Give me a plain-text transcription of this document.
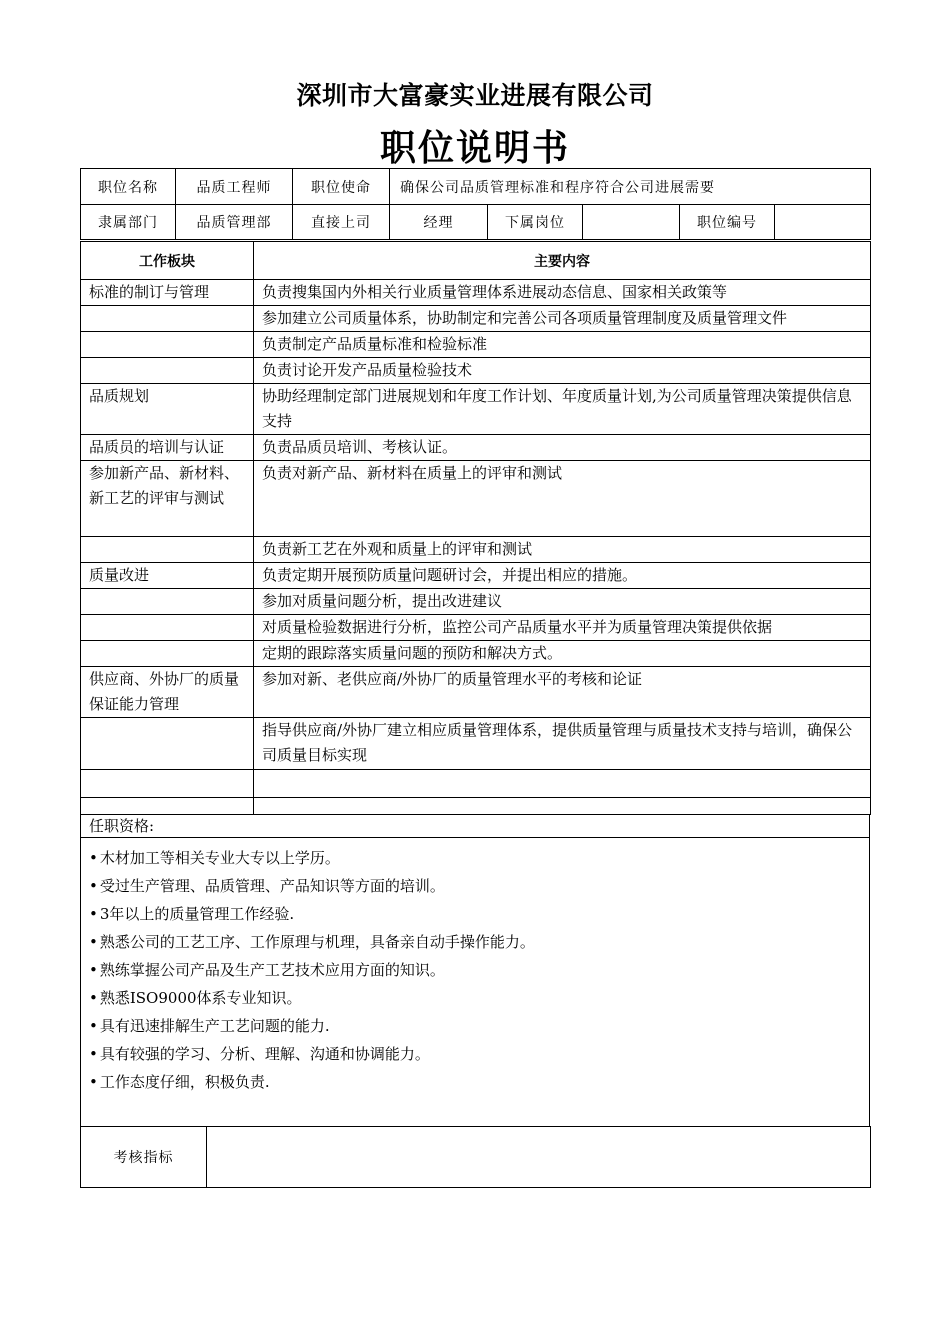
深圳市大富豪实业进展有限公司
职位说明书
职位名称	品质工程师	职位使命	确保公司品质管理标准和程序符合公司进展需要				
隶属部门	品质管理部	直接上司	经理	下属岗位		职位编号	
工作板块	主要内容
标准的制订与管理	负责搜集国内外相关行业质量管理体系进展动态信息、国家相关政策等
	参加建立公司质量体系，协助制定和完善公司各项质量管理制度及质量管理文件
	负责制定产品质量标准和检验标准
	负责讨论开发产品质量检验技术
品质规划	协助经理制定部门进展规划和年度工作计划、年度质量计划,为公司质量管理决策提供信息支持
品质员的培训与认证	负责品质员培训、考核认证。
参加新产品、新材料、新工艺的评审与测试	负责对新产品、新材料在质量上的评审和测试
	负责新工艺在外观和质量上的评审和测试
质量改进	负责定期开展预防质量问题研讨会，并提出相应的措施。
	参加对质量问题分析，提出改进建议
	对质量检验数据进行分析，监控公司产品质量水平并为质量管理决策提供依据
	定期的跟踪落实质量问题的预防和解决方式。
供应商、外协厂的质量保证能力管理	参加对新、老供应商/外协厂的质量管理水平的考核和论证
	指导供应商/外协厂建立相应质量管理体系，提供质量管理与质量技术支持与培训，确保公司质量目标实现

任职资格:

• 木材加工等相关专业大专以上学历。
• 受过生产管理、品质管理、产品知识等方面的培训。
• 3年以上的质量管理工作经验.
• 熟悉公司的工艺工序、工作原理与机理，具备亲自动手操作能力。
• 熟练掌握公司产品及生产工艺技术应用方面的知识。
• 熟悉ISO9000体系专业知识。
• 具有迅速排解生产工艺问题的能力.
• 具有较强的学习、分析、理解、沟通和协调能力。
• 工作态度仔细，积极负责.
考核指标	
